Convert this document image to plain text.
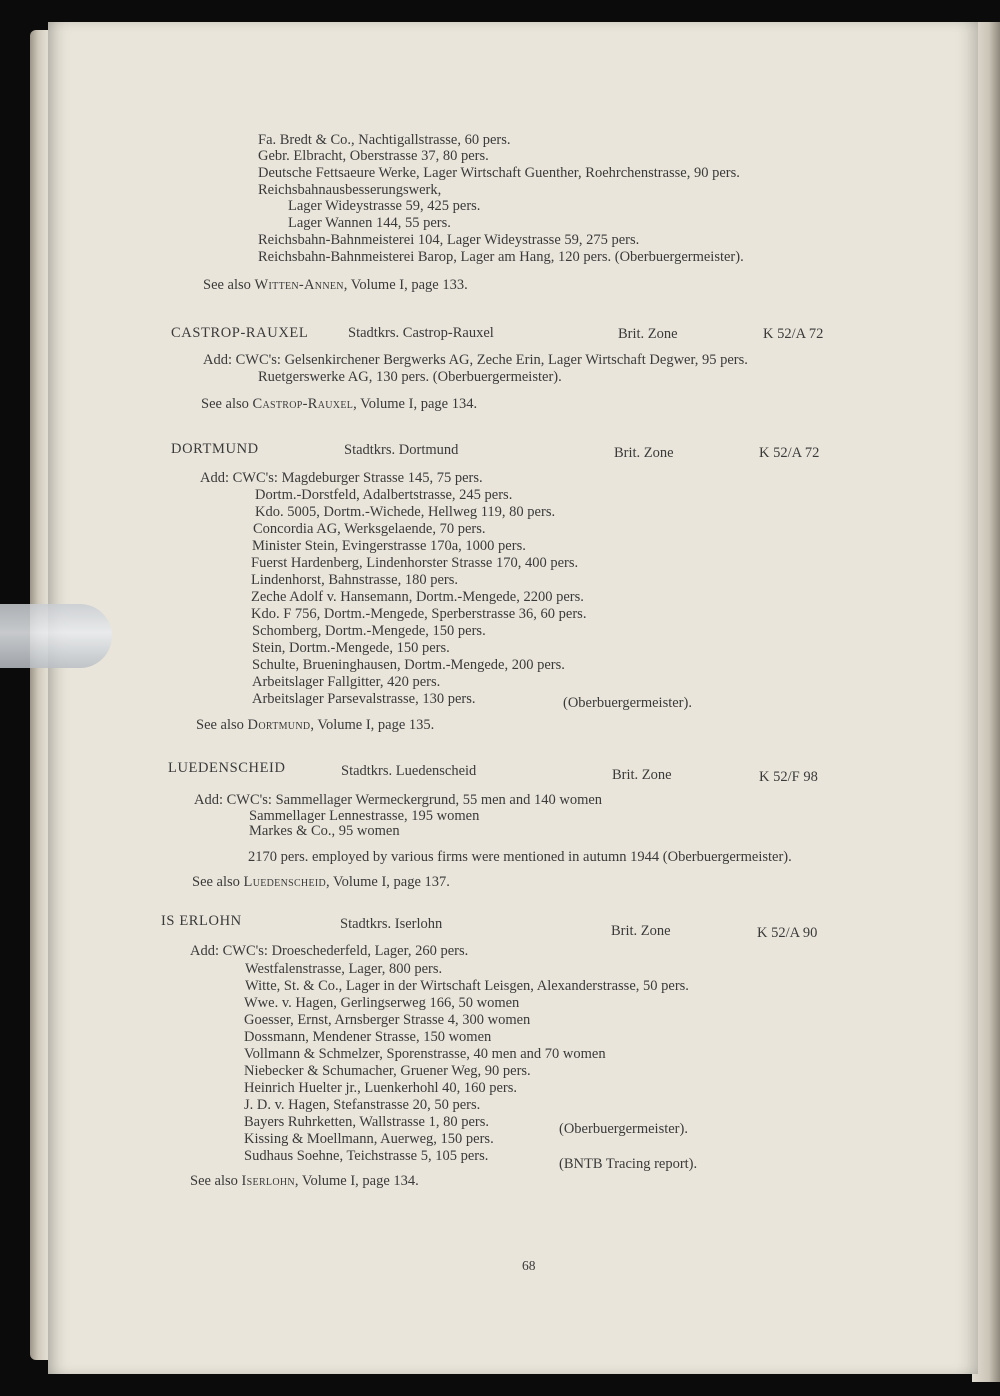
Fa. Bredt & Co., Nachtigallstrasse, 60 pers.
Gebr. Elbracht, Oberstrasse 37, 80 pers.
Deutsche Fettsaeure Werke, Lager Wirtschaft Guenther, Roehrchenstrasse, 90 pers.
Reichsbahnausbesserungswerk,
Lager Wideystrasse 59, 425 pers.
Lager Wannen 144, 55 pers.
Reichsbahn-Bahnmeisterei 104, Lager Wideystrasse 59, 275 pers.
Reichsbahn-Bahnmeisterei Barop, Lager am Hang, 120 pers. (Oberbuergermeister).
See also Witten-Annen, Volume I, page 133.
CASTROP-RAUXEL	Stadtkrs. Castrop-Rauxel	Brit. Zone	K 52/A 72
Add: CWC's: Gelsenkirchener Bergwerks AG, Zeche Erin, Lager Wirtschaft Degwer, 95 pers.
Ruetgerswerke AG, 130 pers. (Oberbuergermeister).
See also Castrop-Rauxel, Volume I, page 134.
DORTMUND	Stadtkrs. Dortmund	Brit. Zone	K 52/A 72
Add: CWC's: Magdeburger Strasse 145, 75 pers.
Dortm.-Dorstfeld, Adalbertstrasse, 245 pers.
Kdo. 5005, Dortm.-Wichede, Hellweg 119, 80 pers.
Concordia AG, Werksgelaende, 70 pers.
Minister Stein, Evingerstrasse 170a, 1000 pers.
Fuerst Hardenberg, Lindenhorster Strasse 170, 400 pers.
Lindenhorst, Bahnstrasse, 180 pers.
Zeche Adolf v. Hansemann, Dortm.-Mengede, 2200 pers.
Kdo. F 756, Dortm.-Mengede, Sperberstrasse 36, 60 pers.
Schomberg, Dortm.-Mengede, 150 pers.
Stein, Dortm.-Mengede, 150 pers.
Schulte, Brueninghausen, Dortm.-Mengede, 200 pers.
Arbeitslager Fallgitter, 420 pers.
Arbeitslager Parsevalstrasse, 130 pers.	(Oberbuergermeister).
See also Dortmund, Volume I, page 135.
LUEDENSCHEID	Stadtkrs. Luedenscheid	Brit. Zone	K 52/F 98
Add: CWC's: Sammellager Wermeckergrund, 55 men and 140 women
Sammellager Lennestrasse, 195 women
Markes & Co., 95 women
2170 pers. employed by various firms were mentioned in autumn 1944 (Oberbuergermeister).
See also Luedenscheid, Volume I, page 137.
IS ERLOHN	Stadtkrs. Iserlohn	Brit. Zone	K 52/A 90
Add: CWC's: Droeschederfeld, Lager, 260 pers.
Westfalenstrasse, Lager, 800 pers.
Witte, St. & Co., Lager in der Wirtschaft Leisgen, Alexanderstrasse, 50 pers.
Wwe. v. Hagen, Gerlingserweg 166, 50 women
Goesser, Ernst, Arnsberger Strasse 4, 300 women
Dossmann, Mendener Strasse, 150 women
Vollmann & Schmelzer, Sporenstrasse, 40 men and 70 women
Niebecker & Schumacher, Gruener Weg, 90 pers.
Heinrich Huelter jr., Luenkerhohl 40, 160 pers.
J. D. v. Hagen, Stefanstrasse 20, 50 pers.
Bayers Ruhrketten, Wallstrasse 1, 80 pers.
Kissing & Moellmann, Auerweg, 150 pers.
Sudhaus Soehne, Teichstrasse 5, 105 pers.
(Oberbuergermeister).
(BNTB Tracing report).
See also Iserlohn, Volume I, page 134.
68
